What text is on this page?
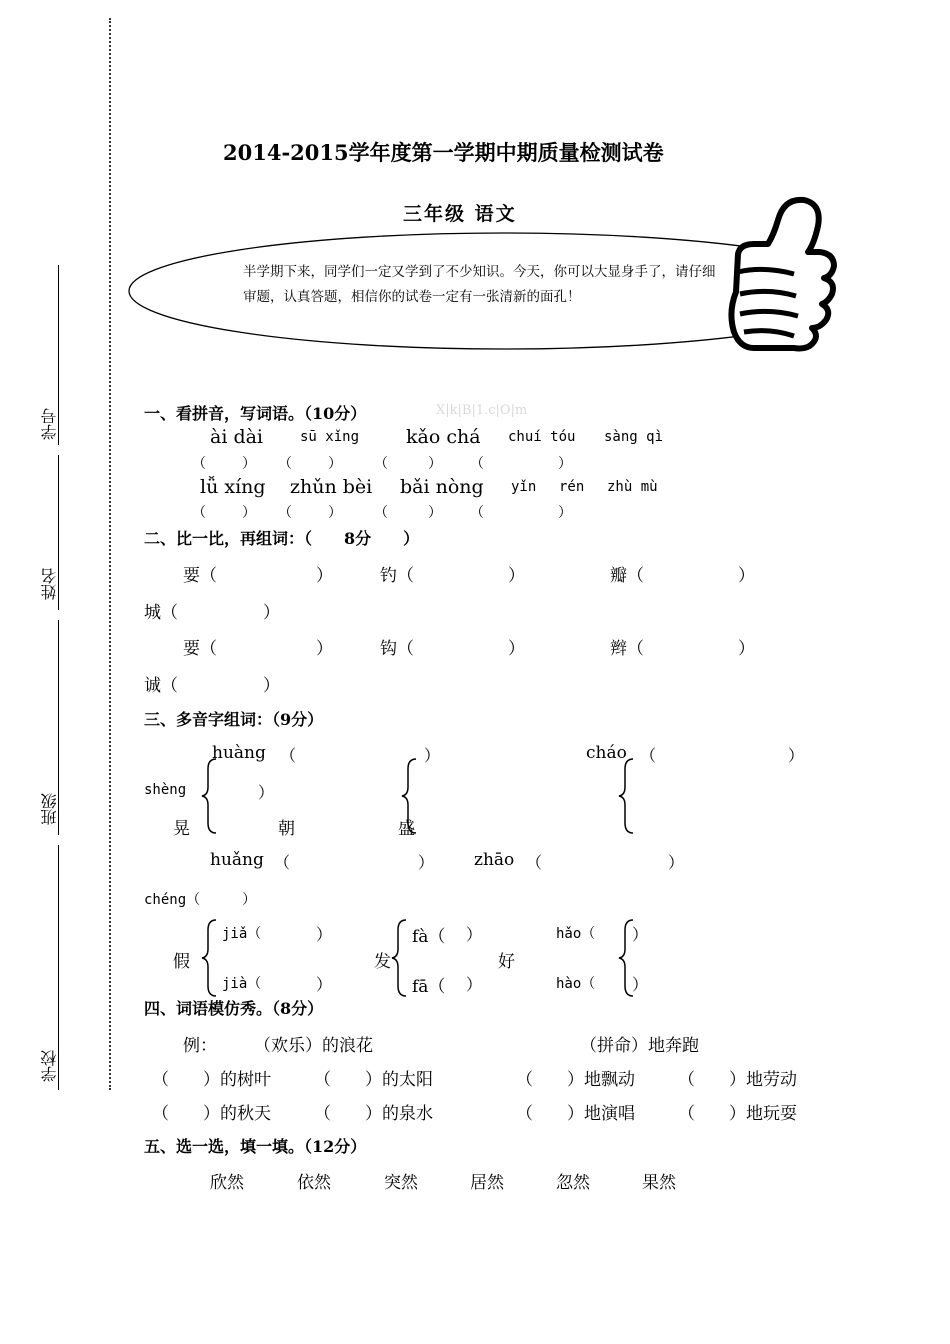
学号
姓名
班级
学校
2014-2015学年度第一学期中期质量检测试卷
三年级 语文
半学期下来，同学们一定又学到了不少知识。今天，你可以大显身手了，请仔细审题，认真答题，相信你的试卷一定有一张清新的面孔！
一、看拼音，写词语。（10分）	X|k|B|1.c|O|m
ài dài	sū xǐng kǎo chá chuí tóu sàng qì
（	） （	） （	） （	）
lǚ xíng zhǔn bèi bǎi nòng yǐn rén zhù mù
（	） （	） （	） （	）
二、比一比，再组词：（　　8分　　）
要（	）	钓（	）	瓣（	）
城（　　　　　）
要（	）	钩（	）	辫（	）
诚（　　　　　）
三、多音字组词：（9分）
huàng （	）	cháo （	）
shèng	）
晃	朝	盛
huǎng （	） zhāo （	）
chéng（　　　）
jiǎ（	）
假
jià（	）
发
fà（ ）
fā（ ）
好
hǎo（ ）
hào（ ）
四、词语模仿秀。（8分）
例： （欢乐）的浪花	（拼命）地奔跑
（　　）的树叶	（　　）的太阳	（　　）地飘动	（　　）地劳动
（　　）的秋天	（　　）的泉水	（　　）地演唱	（　　）地玩耍
五、选一选，填一填。（12分）
欣然	依然	突然	居然	忽然	果然
